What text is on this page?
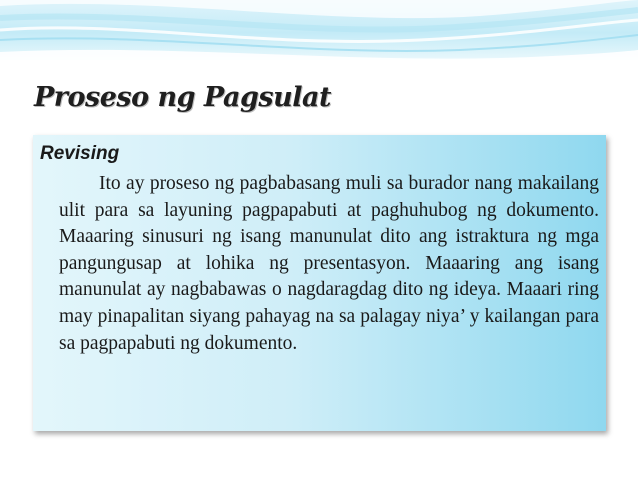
Proseso ng Pagsulat
Revising

Ito ay proseso ng pagbabasang muli sa burador nang makailang ulit para sa layuning pagpapabuti at paghuhubog ng dokumento. Maaaring sinusuri ng isang manunulat dito ang istraktura ng mga pangungusap at lohika ng presentasyon. Maaaring ang isang manunulat ay nagbabawas o nagdaragdag dito ng ideya. Maaari ring may pinapalitan siyang pahayag na sa palagay niya’ y kailangan para sa pagpapabuti ng dokumento.
